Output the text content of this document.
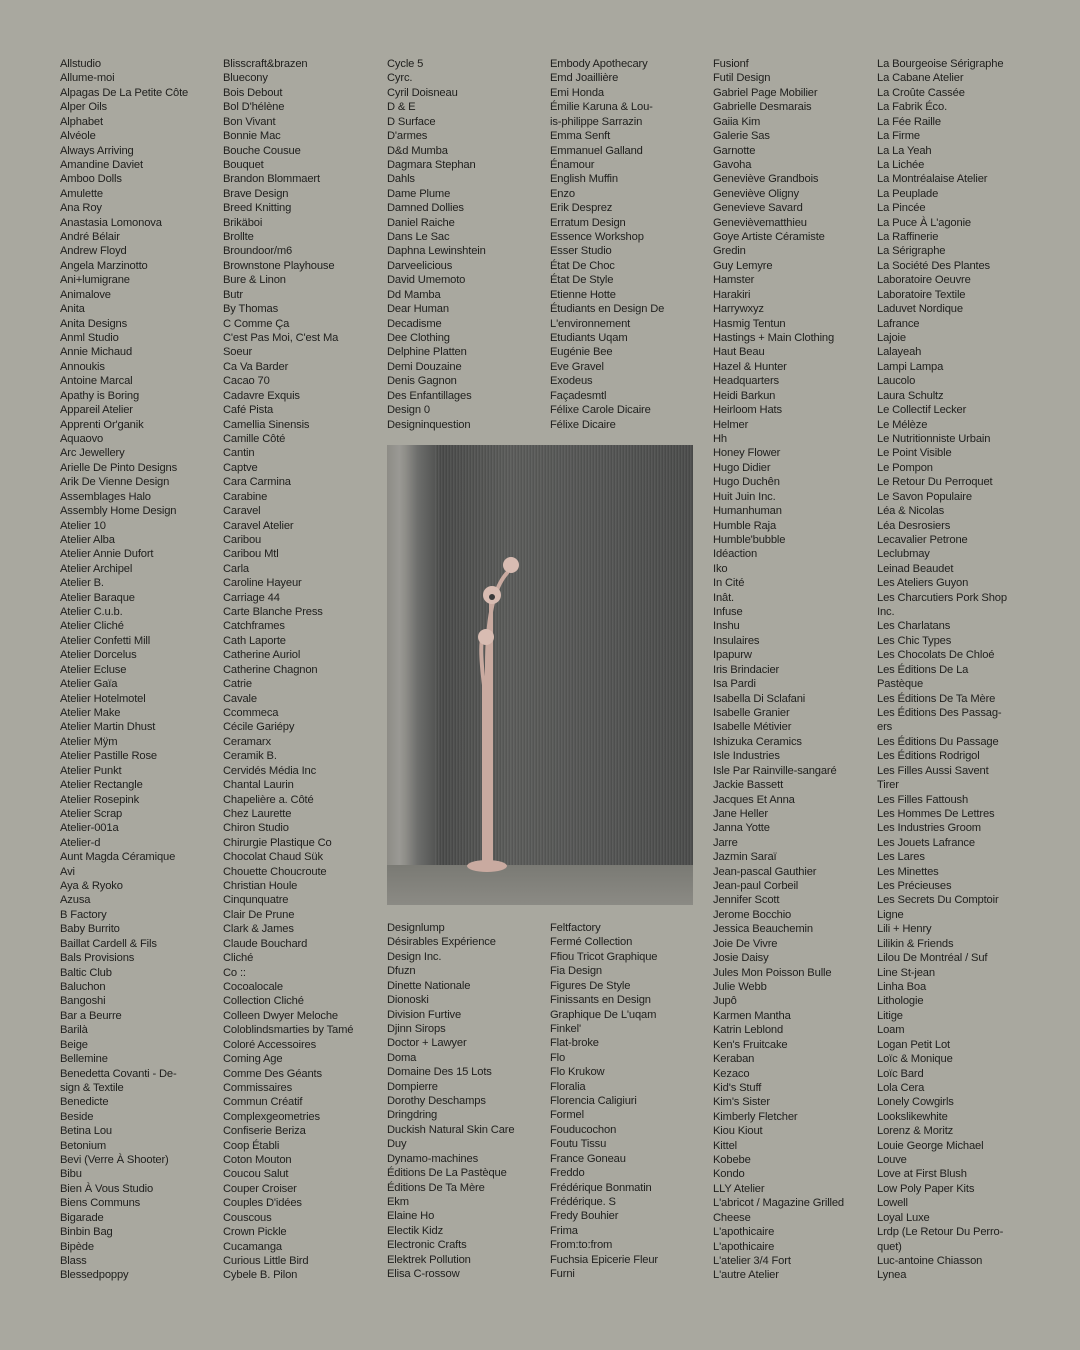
Allstudio
Allume-moi
Alpagas De La Petite Côte
Alper Oils
Alphabet
Alvéole
Always Arriving
Amandine Daviet
Amboo Dolls
Amulette
Ana Roy
Anastasia Lomonova
André Bélair
Andrew Floyd
Angela Marzinotto
Ani+lumigrane
Animalove
Anita
Anita Designs
Anml Studio
Annie Michaud
Annoukis
Antoine Marcal
Apathy is Boring
Appareil Atelier
Apprenti Or'ganik
Aquaovo
Arc Jewellery
Arielle De Pinto Designs
Arik De Vienne Design
Assemblages Halo
Assembly Home Design
Atelier 10
Atelier Alba
Atelier Annie Dufort
Atelier Archipel
Atelier B.
Atelier Baraque
Atelier C.u.b.
Atelier Cliché
Atelier Confetti Mill
Atelier Dorcelus
Atelier Ecluse
Atelier Gaïa
Atelier Hotelmotel
Atelier Make
Atelier Martin Dhust
Atelier Mÿm
Atelier Pastille Rose
Atelier Punkt
Atelier Rectangle
Atelier Rosepink
Atelier Scrap
Atelier-001a
Atelier-d
Aunt Magda Céramique
Avi
Aya & Ryoko
Azusa
B Factory
Baby Burrito
Baillat Cardell & Fils
Bals Provisions
Baltic Club
Baluchon
Bangoshi
Bar a Beurre
Barilà
Beige
Bellemine
Benedetta Covanti - De-
sign & Textile
Benedicte
Beside
Betina Lou
Betonium
Bevi (Verre À Shooter)
Bibu
Bien À Vous Studio
Biens Communs
Bigarade
Binbin Bag
Bipède
Blass
Blessedpoppy
Blisscraft&brazen
Bluecony
Bois Debout
Bol D'hélène
Bon Vivant
Bonnie Mac
Bouche Cousue
Bouquet
Brandon Blommaert
Brave Design
Breed Knitting
Brikäboi
Brollte
Broundoor/m6
Brownstone Playhouse
Bure & Linon
Butr
By Thomas
C Comme Ça
C'est Pas Moi, C'est Ma
Soeur
Ca Va Barder
Cacao 70
Cadavre Exquis
Café Pista
Camellia Sinensis
Camille Côté
Cantin
Captve
Cara Carmina
Carabine
Caravel
Caravel Atelier
Caribou
Caribou Mtl
Carla
Caroline Hayeur
Carriage 44
Carte Blanche Press
Catchframes
Cath Laporte
Catherine Auriol
Catherine Chagnon
Catrie
Cavale
Ccommeca
Cécile Gariépy
Ceramarx
Ceramik B.
Cervidés Média Inc
Chantal Laurin
Chapelière a. Côté
Chez Laurette
Chiron Studio
Chirurgie Plastique Co
Chocolat Chaud Sük
Chouette Choucroute
Christian Houle
Cinqunquatre
Clair De Prune
Clark & James
Claude Bouchard
Cliché
Co ::
Cocoalocale
Collection Cliché
Colleen Dwyer Meloche
Coloblindsmarties by Tamé
Coloré Accessoires
Coming Age
Comme Des Géants
Commissaires
Commun Créatif
Complexgeometries
Confiserie Beriza
Coop Établi
Coton Mouton
Coucou Salut
Couper Croiser
Couples D'idées
Couscous
Crown Pickle
Cucamanga
Curious Little Bird
Cybele B. Pilon
Cycle 5
Cyrc.
Cyril Doisneau
D & E
D Surface
D'armes
D&d Mumba
Dagmara Stephan
Dahls
Dame Plume
Damned Dollies
Daniel Raiche
Dans Le Sac
Daphna Lewinshtein
Darveelicious
David Umemoto
Dd Mamba
Dear Human
Decadisme
Dee Clothing
Delphine Platten
Demi Douzaine
Denis Gagnon
Des Enfantillages
Design 0
Designinquestion
Embody Apothecary
Emd Joaillière
Emi Honda
Émilie Karuna & Lou-
is-philippe Sarrazin
Emma Senft
Emmanuel Galland
Énamour
English Muffin
Enzo
Erik Desprez
Erratum Design
Essence Workshop
Esser Studio
État De Choc
État De Style
Etienne Hotte
Étudiants en Design De
L'environnement
Etudiants Uqam
Eugénie Bee
Eve Gravel
Exodeus
Façadesmtl
Félixe Carole Dicaire
Félixe Dicaire
Designlump
Désirables Expérience
Design Inc.
Dfuzn
Dinette Nationale
Dionoski
Division Furtive
Djinn Sirops
Doctor + Lawyer
Doma
Domaine Des 15 Lots
Dompierre
Dorothy Deschamps
Dringdring
Duckish Natural Skin Care
Duy
Dynamo-machines
Éditions De La Pastèque
Éditions De Ta Mère
Ekm
Elaine Ho
Electik Kidz
Electronic Crafts
Elektrek Pollution
Elisa C-rossow
Feltfactory
Fermé Collection
Ffiou Tricot Graphique
Fia Design
Figures De Style
Finissants en Design
Graphique De L'uqam
Finkel'
Flat-broke
Flo
Flo Krukow
Floralia
Florencia Caligiuri
Formel
Fouducochon
Foutu Tissu
France Goneau
Freddo
Frédérique Bonmatin
Frédérique. S
Fredy Bouhier
Frima
From:to:from
Fuchsia Epicerie Fleur
Furni
Fusionf
Futil Design
Gabriel Page Mobilier
Gabrielle Desmarais
Gaiia Kim
Galerie Sas
Garnotte
Gavoha
Geneviève Grandbois
Geneviève Oligny
Genevieve Savard
Genevièvematthieu
Goye Artiste Céramiste
Gredin
Guy Lemyre
Hamster
Harakiri
Harrywxyz
Hasmig Tentun
Hastings + Main Clothing
Haut Beau
Hazel & Hunter
Headquarters
Heidi Barkun
Heirloom Hats
Helmer
Hh
Honey Flower
Hugo Didier
Hugo Duchên
Huit Juin Inc.
Humanhuman
Humble Raja
Humble'bubble
Idéaction
Iko
In Cité
Inât.
Infuse
Inshu
Insulaires
Ipapurw
Iris Brindacier
Isa Pardi
Isabella Di Sclafani
Isabelle Granier
Isabelle Métivier
Ishizuka Ceramics
Isle Industries
Isle Par Rainville-sangaré
Jackie Bassett
Jacques Et Anna
Jane Heller
Janna Yotte
Jarre
Jazmin Saraï
Jean-pascal Gauthier
Jean-paul Corbeil
Jennifer Scott
Jerome Bocchio
Jessica Beauchemin
Joie De Vivre
Josie Daisy
Jules Mon Poisson Bulle
Julie Webb
Jupô
Karmen Mantha
Katrin Leblond
Ken's Fruitcake
Keraban
Kezaco
Kid's Stuff
Kim's Sister
Kimberly Fletcher
Kiou Kiout
Kittel
Kobebe
Kondo
LLY Atelier
L'abricot / Magazine Grilled
Cheese
L'apothicaire
L'apothicaire
L'atelier 3/4 Fort
L'autre Atelier
La Bourgeoise Sérigraphe
La Cabane Atelier
La Croûte Cassée
La Fabrik Éco.
La Fée Raille
La Firme
La La Yeah
La Lichée
La Montréalaise Atelier
La Peuplade
La Pincée
La Puce À L'agonie
La Raffinerie
La Sérigraphe
La Société Des Plantes
Laboratoire Oeuvre
Laboratoire Textile
Laduvet Nordique
Lafrance
Lajoie
Lalayeah
Lampi Lampa
Laucolo
Laura Schultz
Le Collectif Lecker
Le Mélèze
Le Nutritionniste Urbain
Le Point Visible
Le Pompon
Le Retour Du Perroquet
Le Savon Populaire
Léa & Nicolas
Léa Desrosiers
Lecavalier Petrone
Leclubmay
Leinad Beaudet
Les Ateliers Guyon
Les Charcutiers Pork Shop
Inc.
Les Charlatans
Les Chic Types
Les Chocolats De Chloé
Les Éditions De La
Pastèque
Les Éditions De Ta Mère
Les Éditions Des Passag-
ers
Les Éditions Du Passage
Les Éditions Rodrigol
Les Filles Aussi Savent
Tirer
Les Filles Fattoush
Les Hommes De Lettres
Les Industries Groom
Les Jouets Lafrance
Les Lares
Les Minettes
Les Précieuses
Les Secrets Du Comptoir
Ligne
Lili + Henry
Lilikin & Friends
Lilou De Montréal / Suf
Line St-jean
Linha Boa
Lithologie
Litige
Loam
Logan Petit Lot
Loïc & Monique
Loïc Bard
Lola Cera
Lonely Cowgirls
Lookslikewhite
Lorenz & Moritz
Louie George Michael
Louve
Love at First Blush
Low Poly Paper Kits
Lowell
Loyal Luxe
Lrdp (Le Retour Du Perro-
quet)
Luc-antoine Chiasson
Lynea
